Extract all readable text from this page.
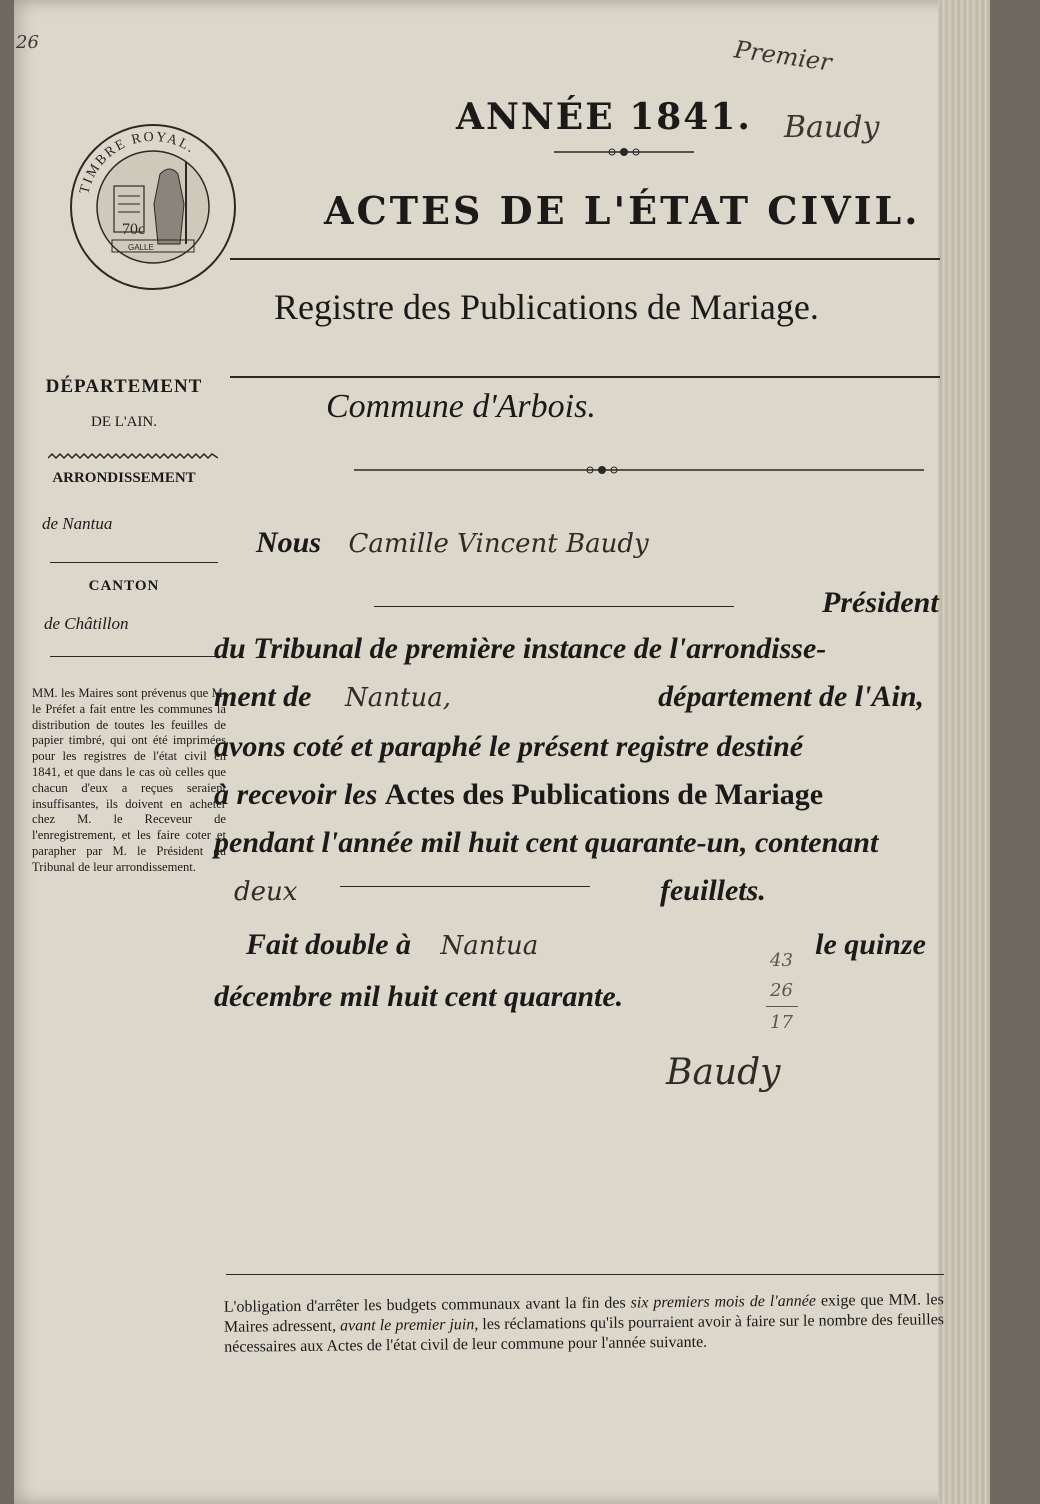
26	Premier
Baudy
TIMBRE ROYAL.
70c
GALLE
ANNÉE 1841.
ACTES DE L'ÉTAT CIVIL.
Registre des Publications de Mariage.
Commune d'Arbois.
DÉPARTEMENT
DE L'AIN.
ARRONDISSEMENT
de Nantua
CANTON
de Châtillon
MM. les Maires sont prévenus que M. le Préfet a fait entre les communes la distribution de toutes les feuilles de papier timbré, qui ont été imprimées pour les registres de l'état civil en 1841, et que dans le cas où celles que chacun d'eux a reçues seraient insuffisantes, ils doivent en acheter chez M. le Receveur de l'enregistrement, et les faire coter et parapher par M. le Président du Tribunal de leur arrondissement.
Nous Camille Vincent Baudy
Président
du Tribunal de première instance de l'arrondisse-
ment de Nantua,	département de l'Ain,
avons coté et paraphé le présent registre destiné
à recevoir les Actes des Publications de Mariage
pendant l'année mil huit cent quarante-un, contenant
deux	feuillets.
Fait double à Nantua	le quinze
décembre mil huit cent quarante.
43
26
17
Baudy
L'obligation d'arrêter les budgets communaux avant la fin des six premiers mois de l'année exige que MM. les Maires adressent, avant le premier juin, les réclamations qu'ils pourraient avoir à faire sur le nombre des feuilles nécessaires aux Actes de l'état civil de leur commune pour l'année suivante.
